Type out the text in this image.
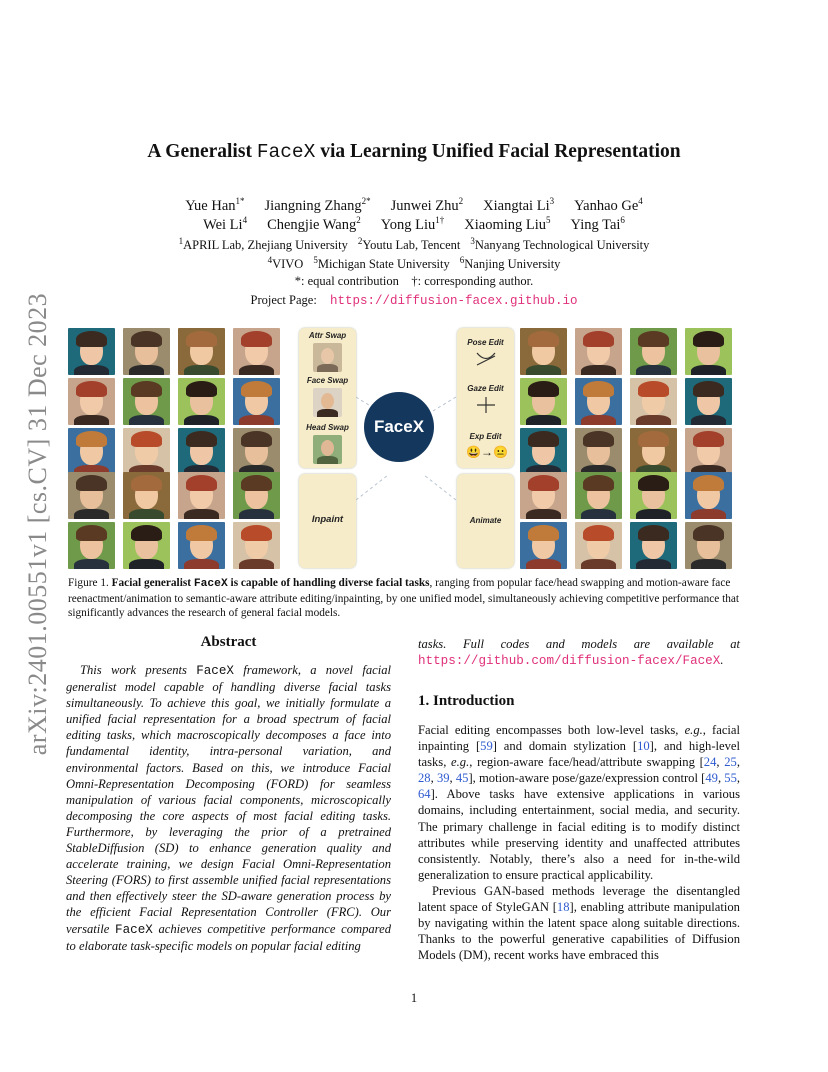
arXiv:2401.00551v1 [cs.CV] 31 Dec 2023
A Generalist FaceX via Learning Unified Facial Representation
Yue Han$^{1*}$ Jiangning Zhang$^{2*}$ Junwei Zhu$^2$ Xiangtai Li$^3$ Yanhao Ge$^4$
Wei Li$^4$ Chengjie Wang$^2$ Yong Liu$^{1\dagger}$ Xiaoming Liu$^5$ Ying Tai$^6$
$^1$APRIL Lab, Zhejiang University $^2$Youtu Lab, Tencent $^3$Nanyang Technological University
$^4$VIVO $^5$Michigan State University $^6$Nanjing University
*: equal contribution    †: corresponding author.
Project Page: https://diffusion-facex.github.io
Attr Swap
Face Swap
Head Swap
Inpaint
Pose Edit
Gaze Edit
Exp Edit
😃→😐
Animate
FaceX
Figure 1. Facial generalist FaceX is capable of handling diverse facial tasks, ranging from popular face/head swapping and motion-aware face reenactment/animation to semantic-aware attribute editing/inpainting, by one unified model, simultaneously achieving competitive performance that significantly advances the research of general facial models.
Abstract
This work presents FaceX framework, a novel facial generalist model capable of handling diverse facial tasks simultaneously. To achieve this goal, we initially formulate a unified facial representation for a broad spectrum of facial editing tasks, which macroscopically decomposes a face into fundamental identity, intra-personal variation, and environmental factors. Based on this, we introduce Facial Omni-Representation Decomposing (FORD) for seamless manipulation of various facial components, microscopically decomposing the core aspects of most facial editing tasks. Furthermore, by leveraging the prior of a pretrained StableDiffusion (SD) to enhance generation quality and accelerate training, we design Facial Omni-Representation Steering (FORS) to first assemble unified facial representations and then effectively steer the SD-aware generation process by the efficient Facial Representation Controller (FRC). Our versatile FaceX achieves competitive performance compared to elaborate task-specific models on popular facial editing
tasks. Full codes and models are available at https://github.com/diffusion-facex/FaceX.
1. Introduction

Facial editing encompasses both low-level tasks, e.g., facial inpainting [59] and domain stylization [10], and high-level tasks, e.g., region-aware face/head/attribute swapping [24, 25, 28, 39, 45], motion-aware pose/gaze/expression control [49, 55, 64]. Above tasks have extensive applications in various domains, including entertainment, social media, and security. The primary challenge in facial editing is to modify distinct attributes while preserving identity and unaffected attributes consistently. Notably, there’s also a need for in-the-wild generalization to ensure practical applicability.

Previous GAN-based methods leverage the disentangled latent space of StyleGAN [18], enabling attribute manipulation by navigating within the latent space along suitable directions. Thanks to the powerful generative capabilities of Diffusion Models (DM), recent works have embraced this

1
